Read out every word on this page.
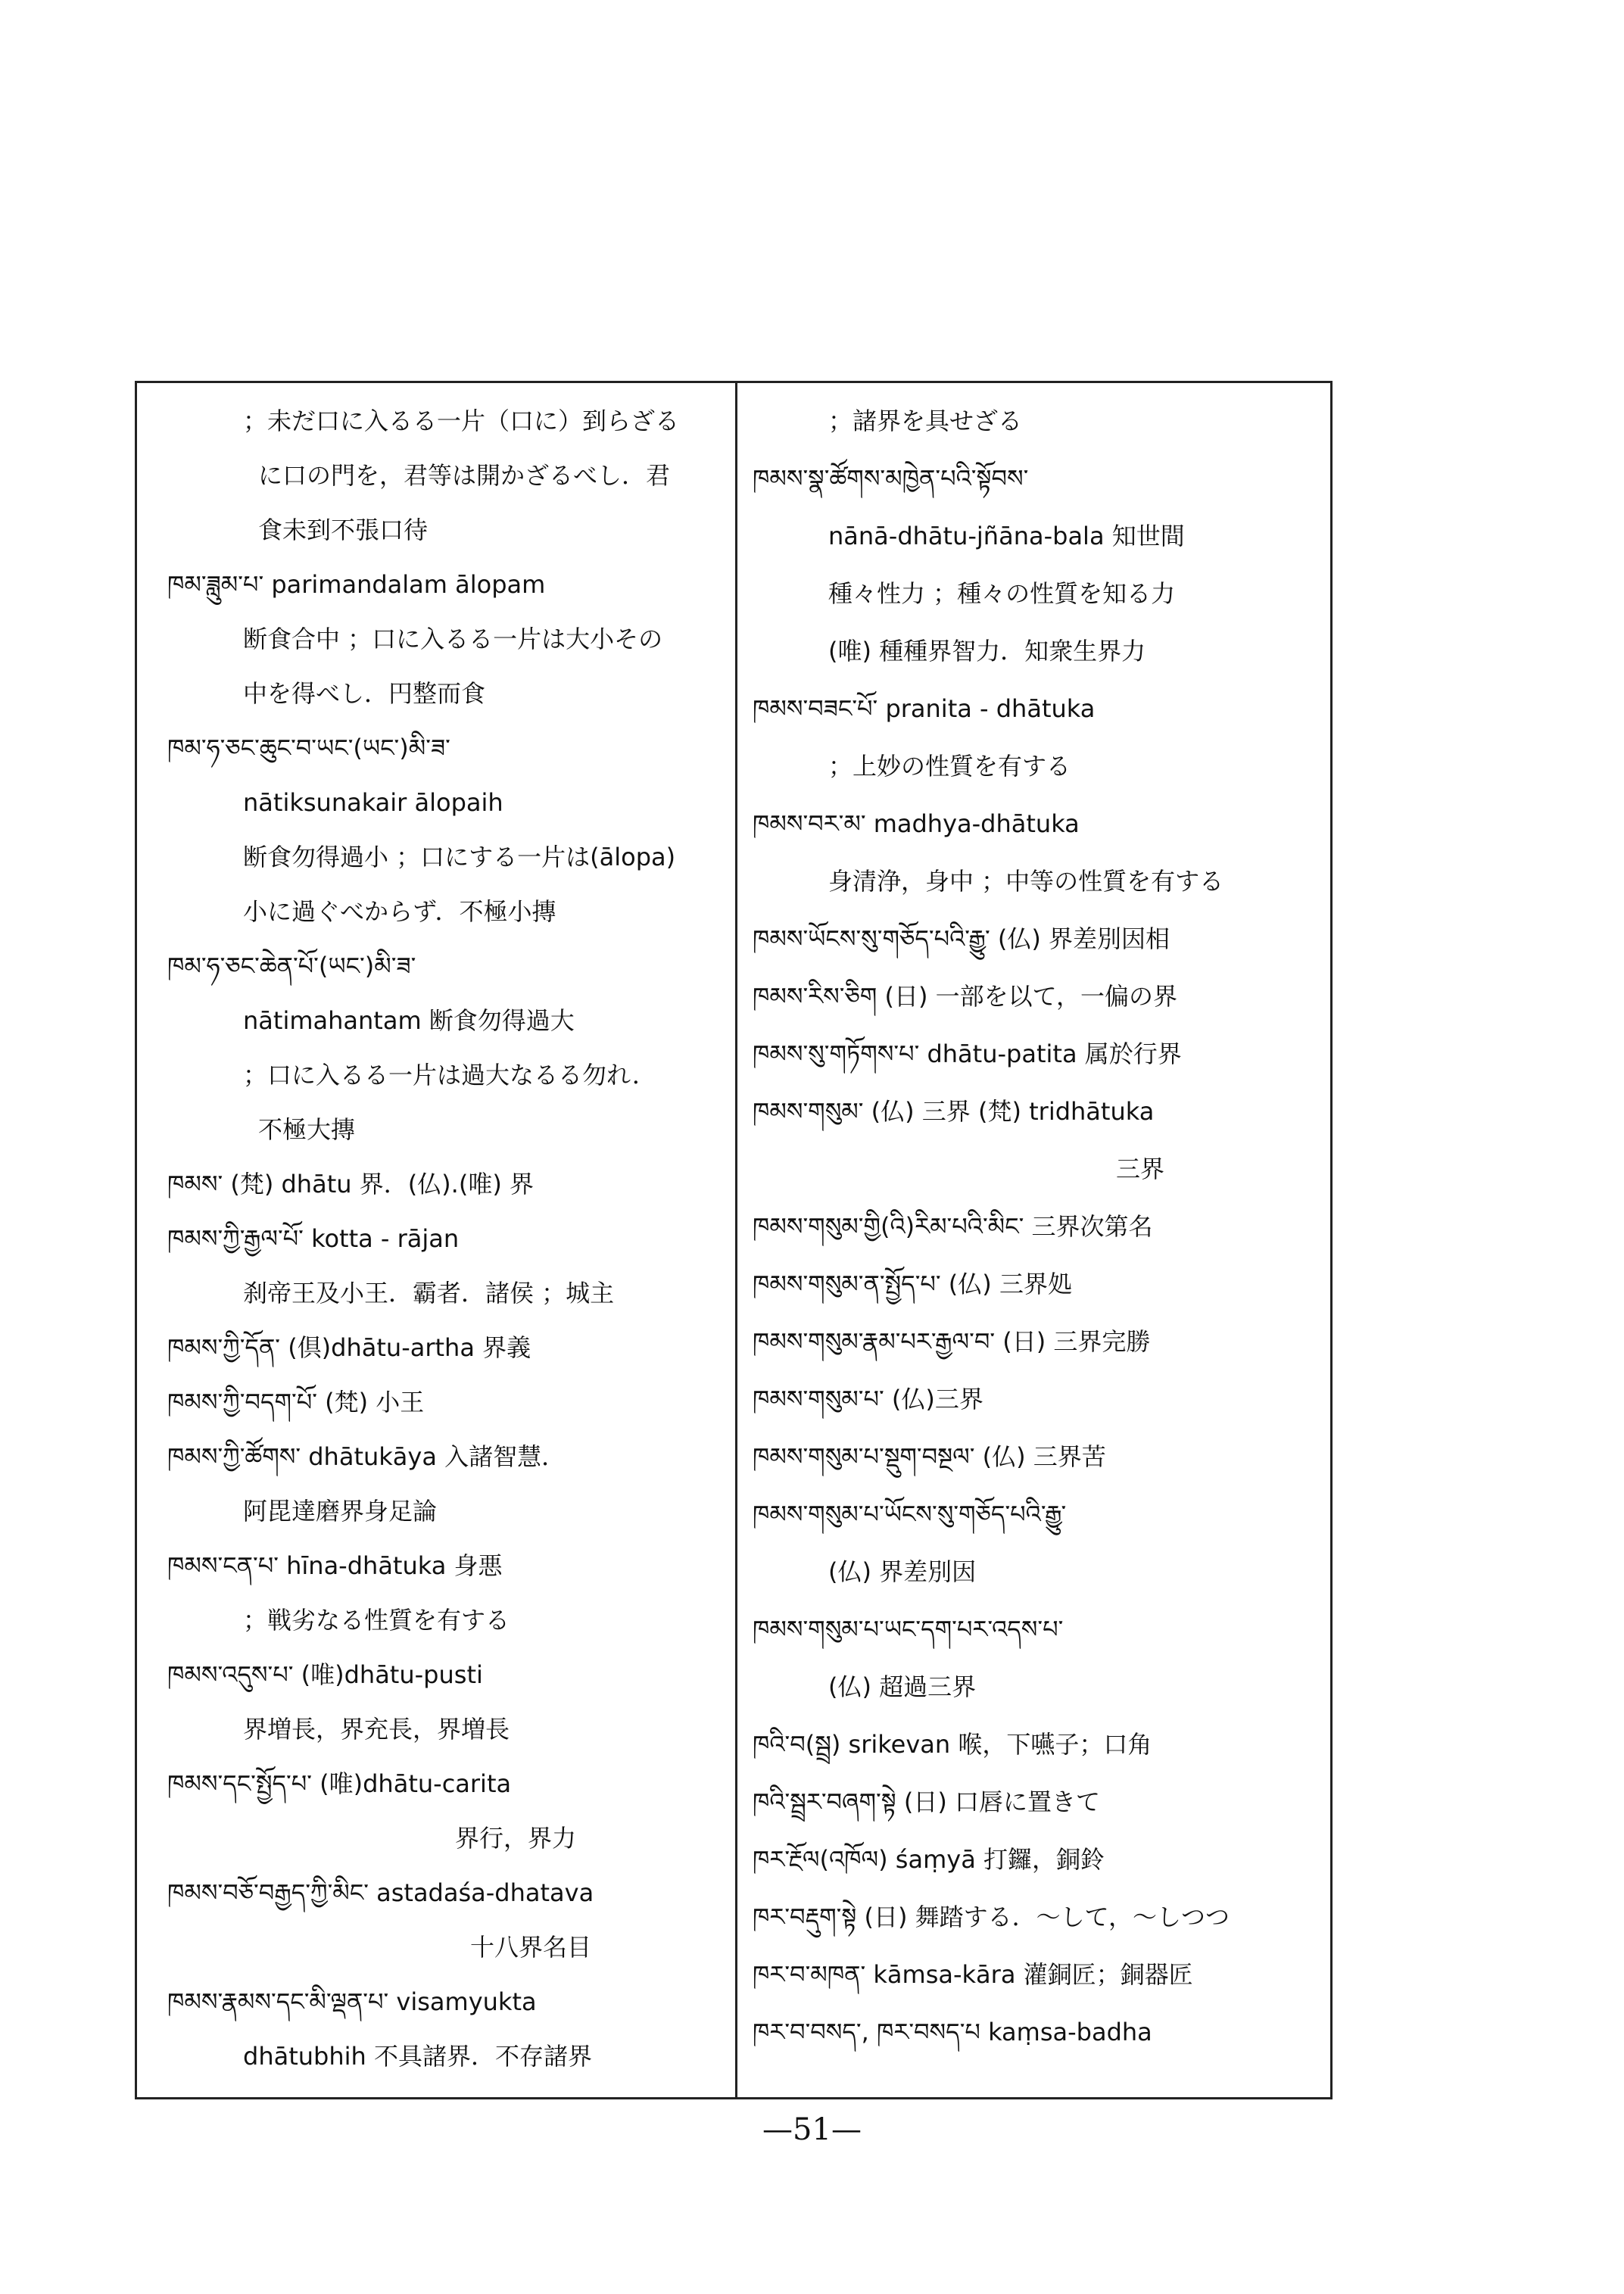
；未だ口に入るる一片（口に）到らざる
に口の門を，君等は開かざるべし．君
食未到不張口待
ཁམ་ཟླུམ་པ་ parimandalam ālopam
断食合中 ；口に入るる一片は大小その
中を得べし．円整而食
ཁམ་ཧ་ཅང་ཆུང་བ་ཡང་(ཡང་)མི་ཟ་
nātiksunakair ālopaih
断食勿得過小 ；口にする一片は(ālopa)
小に過ぐべからず．不極小摶
ཁམ་ཧ་ཅང་ཆེན་པོ་(ཡང་)མི་ཟ་
nātimahantam 断食勿得過大
；口に入るる一片は過大なるる勿れ．
不極大摶
ཁམས་ (梵) dhātu 界．(仏).(唯) 界
ཁམས་ཀྱི་རྒྱལ་པོ་ kotta - rājan
刹帝王及小王．霸者．諸侯 ；城主
ཁམས་ཀྱི་དོན་ (倶)dhātu-artha 界義
ཁམས་ཀྱི་བདག་པོ་ (梵) 小王
ཁམས་ཀྱི་ཚོགས་ dhātukāya 入諸智慧．
阿毘達磨界身足論
ཁམས་ངན་པ་ hīna-dhātuka 身悪
；戦劣なる性質を有する
ཁམས་འདུས་པ་ (唯)dhātu-pusti
界増長，界充長，界増長
ཁམས་དང་སྤྱོད་པ་ (唯)dhātu-carita
界行，界力
ཁམས་བཅོ་བརྒྱད་ཀྱི་མིང་ astadaśa-dhatava
十八界名目
ཁམས་རྣམས་དང་མི་ལྡན་པ་ visamyukta
dhātubhih 不具諸界．不存諸界
；諸界を具せざる
ཁམས་སྣ་ཚོགས་མཁྱེན་པའི་སྟོབས་
nānā-dhātu-jñāna-bala 知世間
種々性力 ；種々の性質を知る力
(唯) 種種界智力．知衆生界力
ཁམས་བཟང་པོ་ pranita - dhātuka
；上妙の性質を有する
ཁམས་བར་མ་ madhya-dhātuka
身清浄，身中 ；中等の性質を有する
ཁམས་ཡོངས་སུ་གཅོད་པའི་རྒྱུ་ (仏) 界差別因相
ཁམས་རིས་ཅིག (日) 一部を以て，一偏の界
ཁམས་སུ་གཏོགས་པ་ dhātu-patita 属於行界
ཁམས་གསུམ་ (仏) 三界 (梵) tridhātuka
三界
ཁམས་གསུམ་གྱི(འི)རིམ་པའི་མིང་ 三界次第名
ཁམས་གསུམ་ན་སྤྱོད་པ་ (仏) 三界処
ཁམས་གསུམ་རྣམ་པར་རྒྱལ་བ་ (日) 三界完勝
ཁམས་གསུམ་པ་ (仏)三界
ཁམས་གསུམ་པ་སྡུག་བསྔལ་ (仏) 三界苦
ཁམས་གསུམ་པ་ཡོངས་སུ་གཅོད་པའི་རྒྱུ་
(仏) 界差別因
ཁམས་གསུམ་པ་ཡང་དག་པར་འདས་པ་
(仏) 超過三界
ཁའི་བ(སྦྲ) srikevan 喉，下嚥子；口角
ཁའི་སྦྲར་བཞག་སྟེ (日) 口唇に置きて
ཁར་རྔོལ(འཁོལ) śaṃyā 打鑼，銅鈴
ཁར་བརྡུག་སྟེ (日) 舞踏する．～して，～しつつ
ཁར་བ་མཁན་ kāmsa-kāra 灌銅匠；銅器匠
ཁར་བ་བསད་, ཁར་བསད་པ kaṃsa-badha
—51—
